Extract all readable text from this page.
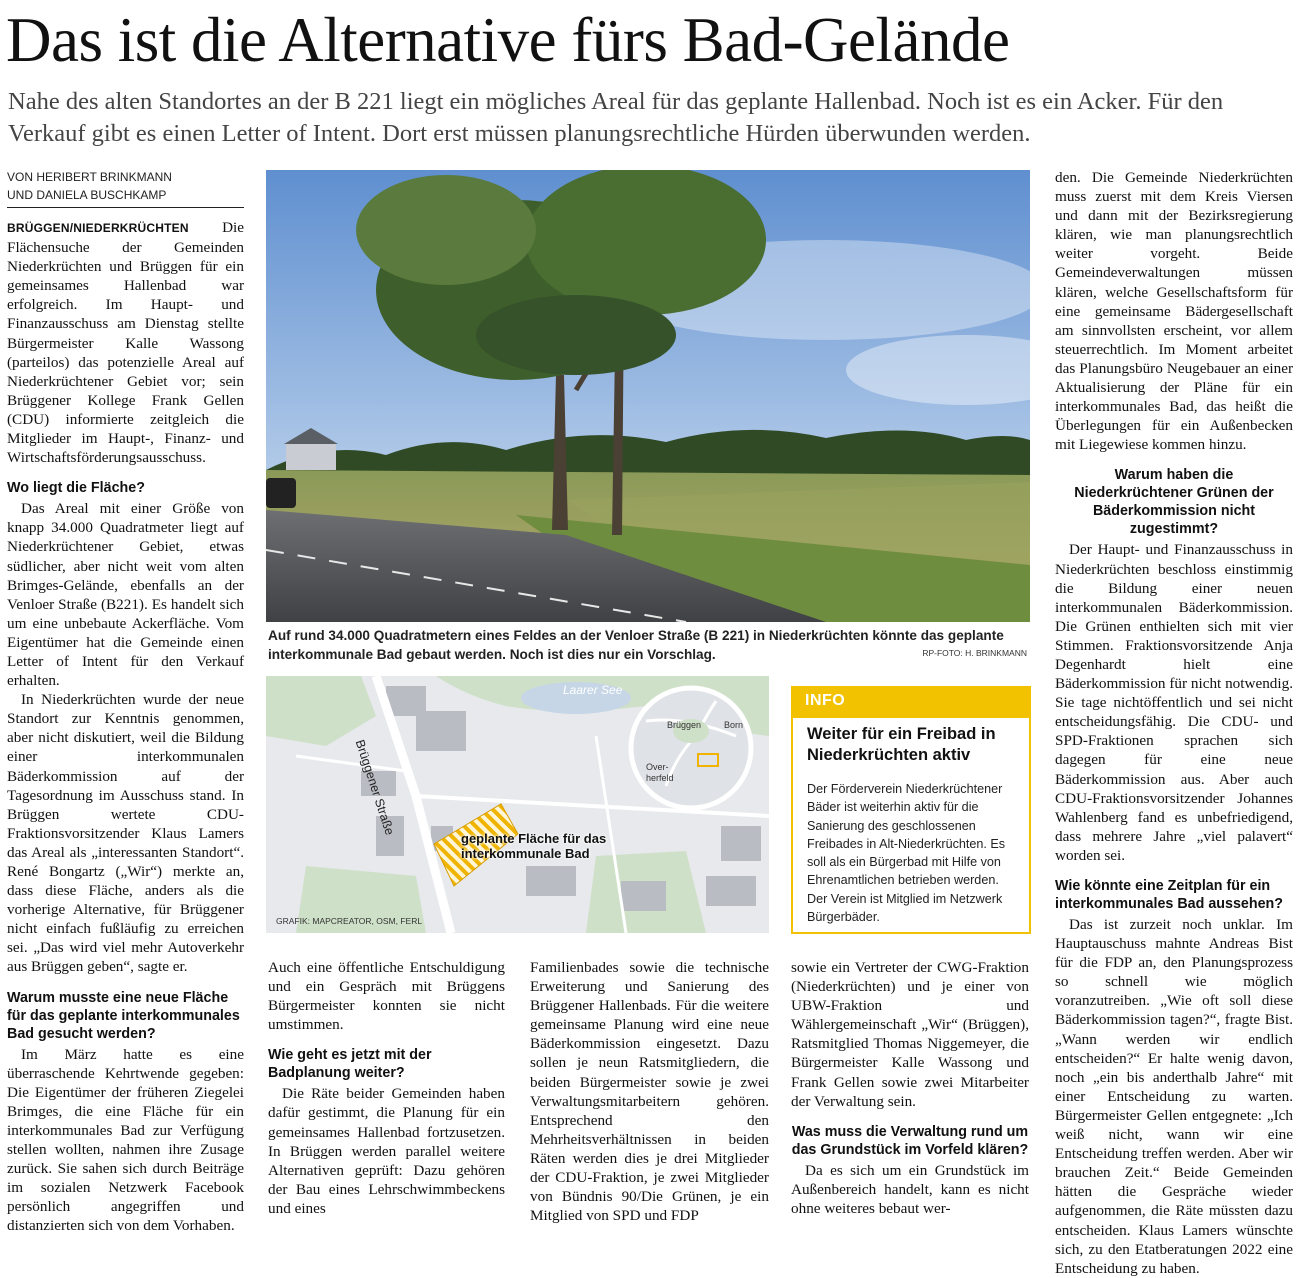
Das ist die Alternative fürs Bad-Gelände

Nahe des alten Standortes an der B 221 liegt ein mögliches Areal für das geplante Hallenbad. Noch ist es ein Acker. Für den Verkauf gibt es einen Letter of Intent. Dort erst müssen planungsrechtliche Hürden überwunden werden.

VON HERIBERT BRINKMANN
UND DANIELA BUSCHKAMP

BRÜGGEN/NIEDERKRÜCHTEN Die Flächensuche der Gemeinden Niederkrüchten und Brüggen für ein gemeinsames Hallenbad war erfolgreich. Im Haupt- und Finanzausschuss am Dienstag stellte Bürgermeister Kalle Wassong (parteilos) das potenzielle Areal auf Niederkrüchtener Gebiet vor; sein Brüggener Kollege Frank Gellen (CDU) informierte zeitgleich die Mitglieder im Haupt-, Finanz- und Wirtschaftsförderungsausschuss.

Wo liegt die Fläche?

Das Areal mit einer Größe von knapp 34.000 Quadratmeter liegt auf Niederkrüchtener Gebiet, etwas südlicher, aber nicht weit vom alten Brimges-Gelände, ebenfalls an der Venloer Straße (B221). Es handelt sich um eine unbebaute Ackerfläche. Vom Eigentümer hat die Gemeinde einen Letter of Intent für den Verkauf erhalten.

In Niederkrüchten wurde der neue Standort zur Kenntnis genommen, aber nicht diskutiert, weil die Bildung einer interkommunalen Bäderkommission auf der Tagesordnung im Ausschuss stand. In Brüggen wertete CDU-Fraktionsvorsitzender Klaus Lamers das Areal als „interessanten Standort“. René Bongartz („Wir“) merkte an, dass diese Fläche, anders als die vorherige Alternative, für Brüggener nicht einfach fußläufig zu erreichen sei. „Das wird viel mehr Autoverkehr aus Brüggen geben“, sagte er.

Warum musste eine neue Fläche für das geplante interkommunales Bad gesucht werden?

Im März hatte es eine überraschende Kehrtwende gegeben: Die Eigentümer der früheren Ziegelei Brimges, die eine Fläche für ein interkommunales Bad zur Verfügung stellen wollten, nahmen ihre Zusage zurück. Sie sahen sich durch Beiträge im sozialen Netzwerk Facebook persönlich angegriffen und distanzierten sich von dem Vorhaben.

Auf rund 34.000 Quadratmetern eines Feldes an der Venloer Straße (B 221) in Niederkrüchten könnte das geplante interkommunale Bad gebaut werden. Noch ist dies nur ein Vorschlag.	RP-FOTO: H. BRINKMANN
Laarer See
Brüggener Straße
geplante Fläche für das
interkommunale Bad
Brüggen	Born
Over-
herfeld
GRAFIK: MAPCREATOR, OSM, FERL
INFO
Weiter für ein Freibad in Niederkrüchten aktiv
Der Förderverein Niederkrüchtener Bäder ist weiterhin aktiv für die Sanierung des geschlossenen Freibades in Alt-Niederkrüchten. Es soll als ein Bürgerbad mit Hilfe von Ehrenamtlichen betrieben werden. Der Verein ist Mitglied im Netzwerk Bürgerbäder.

Auch eine öffentliche Entschuldigung und ein Gespräch mit Brüggens Bürgermeister konnten sie nicht umstimmen.

Wie geht es jetzt mit der Badplanung weiter?

Die Räte beider Gemeinden haben dafür gestimmt, die Planung für ein gemeinsames Hallenbad fortzusetzen. In Brüggen werden parallel weitere Alternativen geprüft: Dazu gehören der Bau eines Lehrschwimmbeckens und eines

Familienbades sowie die technische Erweiterung und Sanierung des Brüggener Hallenbads. Für die weitere gemeinsame Planung wird eine neue Bäderkommission eingesetzt. Dazu sollen je neun Ratsmitgliedern, die beiden Bürgermeister sowie je zwei Verwaltungsmitarbeitern gehören. Entsprechend den Mehrheitsverhältnissen in beiden Räten werden dies je drei Mitglieder der CDU-Fraktion, je zwei Mitglieder von Bündnis 90/Die Grünen, je ein Mitglied von SPD und FDP

sowie ein Vertreter der CWG-Fraktion (Niederkrüchten) und je einer von UBW-Fraktion und Wählergemeinschaft „Wir“ (Brüggen), Ratsmitglied Thomas Niggemeyer, die Bürgermeister Kalle Wassong und Frank Gellen sowie zwei Mitarbeiter der Verwaltung sein.

Was muss die Verwaltung rund um das Grundstück im Vorfeld klären?

Da es sich um ein Grundstück im Außenbereich handelt, kann es nicht ohne weiteres bebaut wer-

den. Die Gemeinde Niederkrüchten muss zuerst mit dem Kreis Viersen und dann mit der Bezirksregierung klären, wie man planungsrechtlich weiter vorgeht. Beide Gemeindeverwaltungen müssen klären, welche Gesellschaftsform für eine gemeinsame Bädergesellschaft am sinnvollsten erscheint, vor allem steuerrechtlich. Im Moment arbeitet das Planungsbüro Neugebauer an einer Aktualisierung der Pläne für ein interkommunales Bad, das heißt die Überlegungen für ein Außenbecken mit Liegewiese kommen hinzu.

Warum haben die Niederkrüchtener Grünen der Bäderkommission nicht zugestimmt?

Der Haupt- und Finanzausschuss in Niederkrüchten beschloss einstimmig die Bildung einer neuen interkommunalen Bäderkommission. Die Grünen enthielten sich mit vier Stimmen. Fraktionsvorsitzende Anja Degenhardt hielt eine Bäderkommission für nicht notwendig. Sie tage nichtöffentlich und sei nicht entscheidungsfähig. Die CDU- und SPD-Fraktionen sprachen sich dagegen für eine neue Bäderkommission aus. Aber auch CDU-Fraktionsvorsitzender Johannes Wahlenberg fand es unbefriedigend, dass mehrere Jahre „viel palavert“ worden sei.

Wie könnte eine Zeitplan für ein interkommunales Bad aussehen?

Das ist zurzeit noch unklar. Im Hauptauschuss mahnte Andreas Bist für die FDP an, den Planungsprozess so schnell wie möglich voranzutreiben. „Wie oft soll diese Bäderkommission tagen?“, fragte Bist. „Wann werden wir endlich entscheiden?“ Er halte wenig davon, noch „ein bis anderthalb Jahre“ mit einer Entscheidung zu warten. Bürgermeister Gellen entgegnete: „Ich weiß nicht, wann wir eine Entscheidung treffen werden. Aber wir brauchen Zeit.“ Beide Gemeinden hätten die Gespräche wieder aufgenommen, die Räte müssten dazu entscheiden. Klaus Lamers wünschte sich, zu den Etatberatungen 2022 eine Entscheidung zu haben.
